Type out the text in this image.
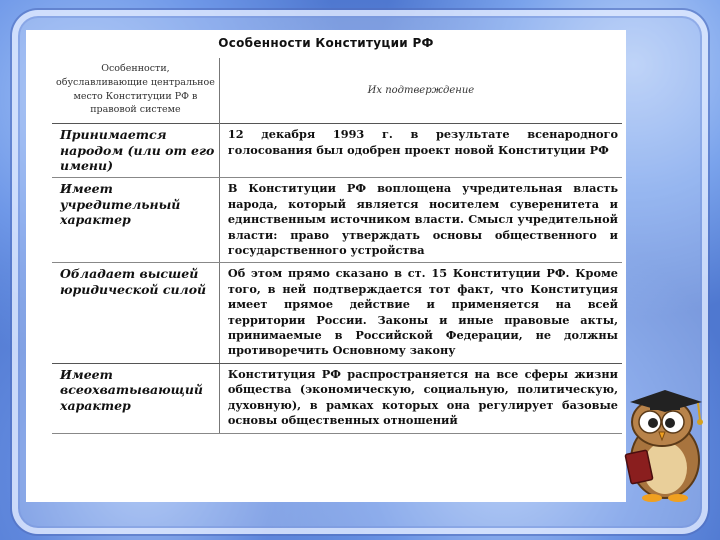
Особенности Конституции РФ
Особенности, обуславливающие центральное место Конституции РФ в правовой системе	Их подтверждение
Принимается народом (или от его имени)	12 декабря 1993 г. в результате всенародного голосования был одобрен проект новой Конституции РФ
Имеет учредительный характер	В Конституции РФ воплощена учредительная власть народа, который является носителем суверенитета и единственным источником власти. Смысл учредительной власти: право утверждать основы общественного и государственного устройства
Обладает высшей юридической силой	Об этом прямо сказано в ст. 15 Конституции РФ. Кроме того, в ней подтверждается тот факт, что Конституция имеет прямое действие и применяется на всей территории России. Законы и иные правовые акты, принимаемые в Российской Федерации, не должны противоречить Основному закону
Имеет всеохватывающий характер	Конституция РФ распространяется на все сферы жизни общества (экономическую, социальную, политическую, духовную), в рамках которых она регулирует базовые основы общественных отношений
